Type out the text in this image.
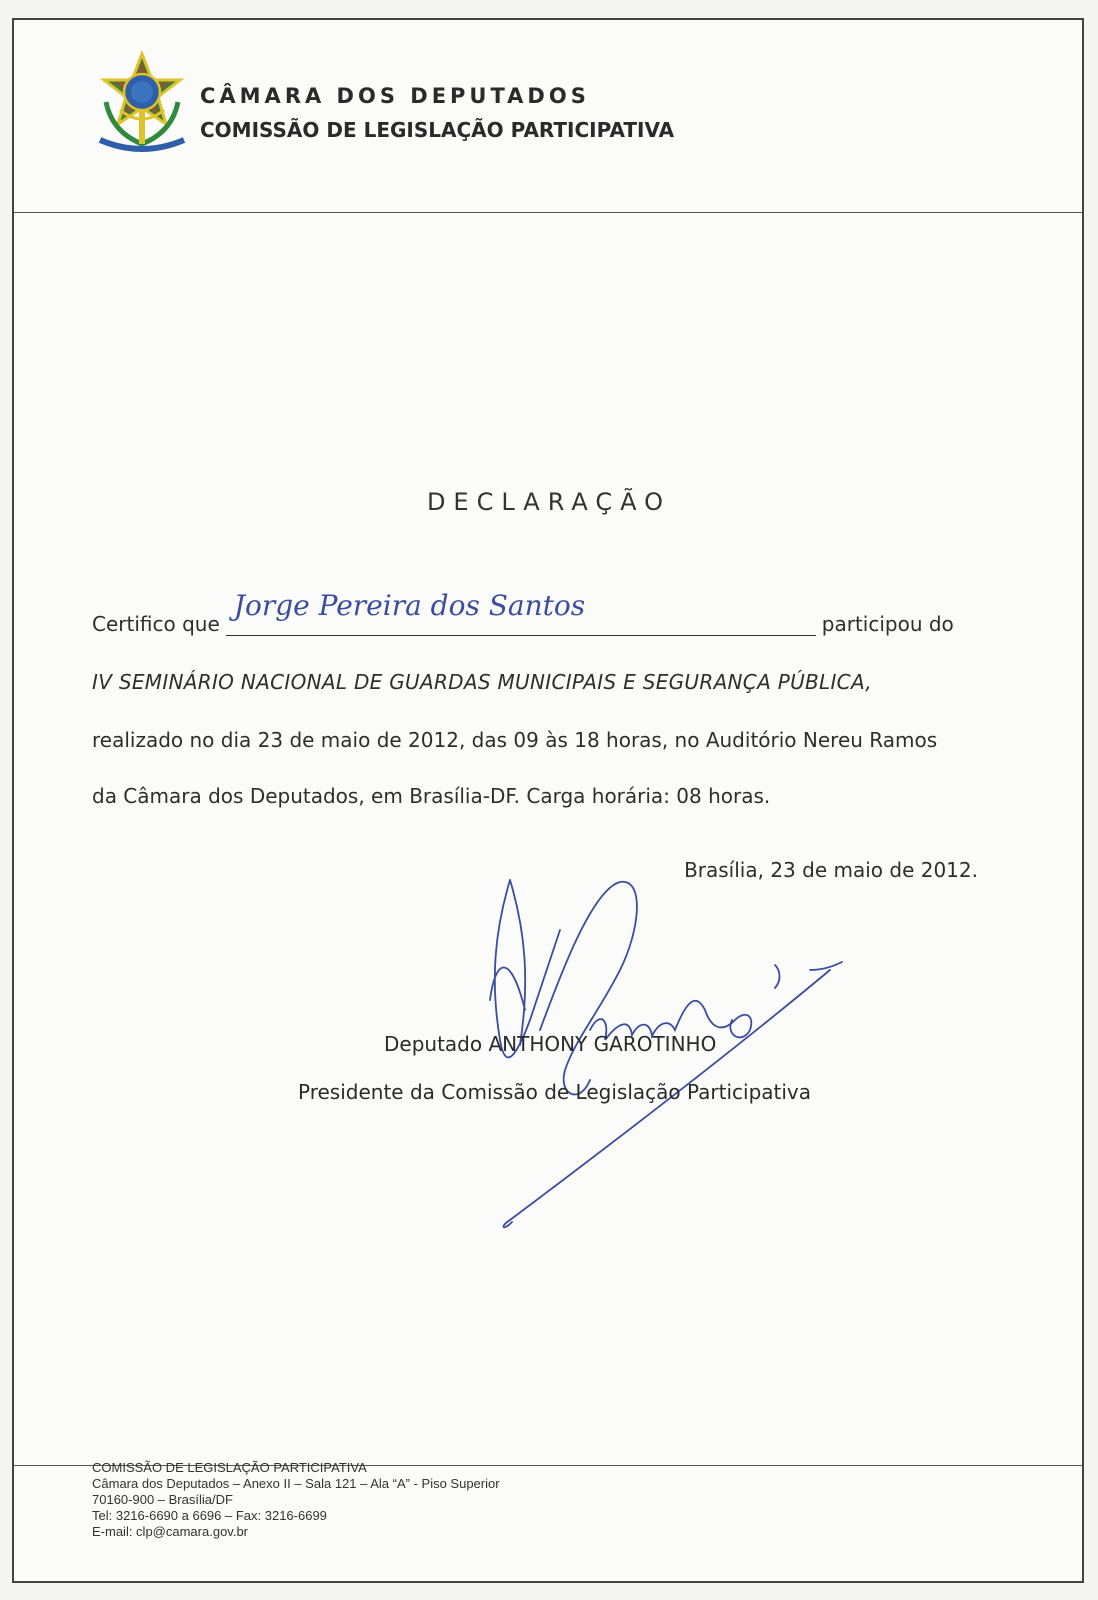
CÂMARA DOS DEPUTADOS
COMISSÃO DE LEGISLAÇÃO PARTICIPATIVA
DECLARAÇÃO
Certifico que
Jorge Pereira dos Santos
participou do
IV SEMINÁRIO NACIONAL DE GUARDAS MUNICIPAIS E SEGURANÇA PÚBLICA,
realizado no dia 23 de maio de 2012, das 09 às 18 horas, no Auditório Nereu Ramos
da Câmara dos Deputados, em Brasília-DF. Carga horária: 08 horas.
Brasília, 23 de maio de 2012.
Deputado ANTHONY GAROTINHO
Presidente da Comissão de Legislação Participativa
COMISSÃO DE LEGISLAÇÃO PARTICIPATIVA
Câmara dos Deputados – Anexo II – Sala 121 – Ala “A” - Piso Superior
70160-900 – Brasília/DF
Tel: 3216-6690 a 6696 – Fax: 3216-6699
E-mail: clp@camara.gov.br
